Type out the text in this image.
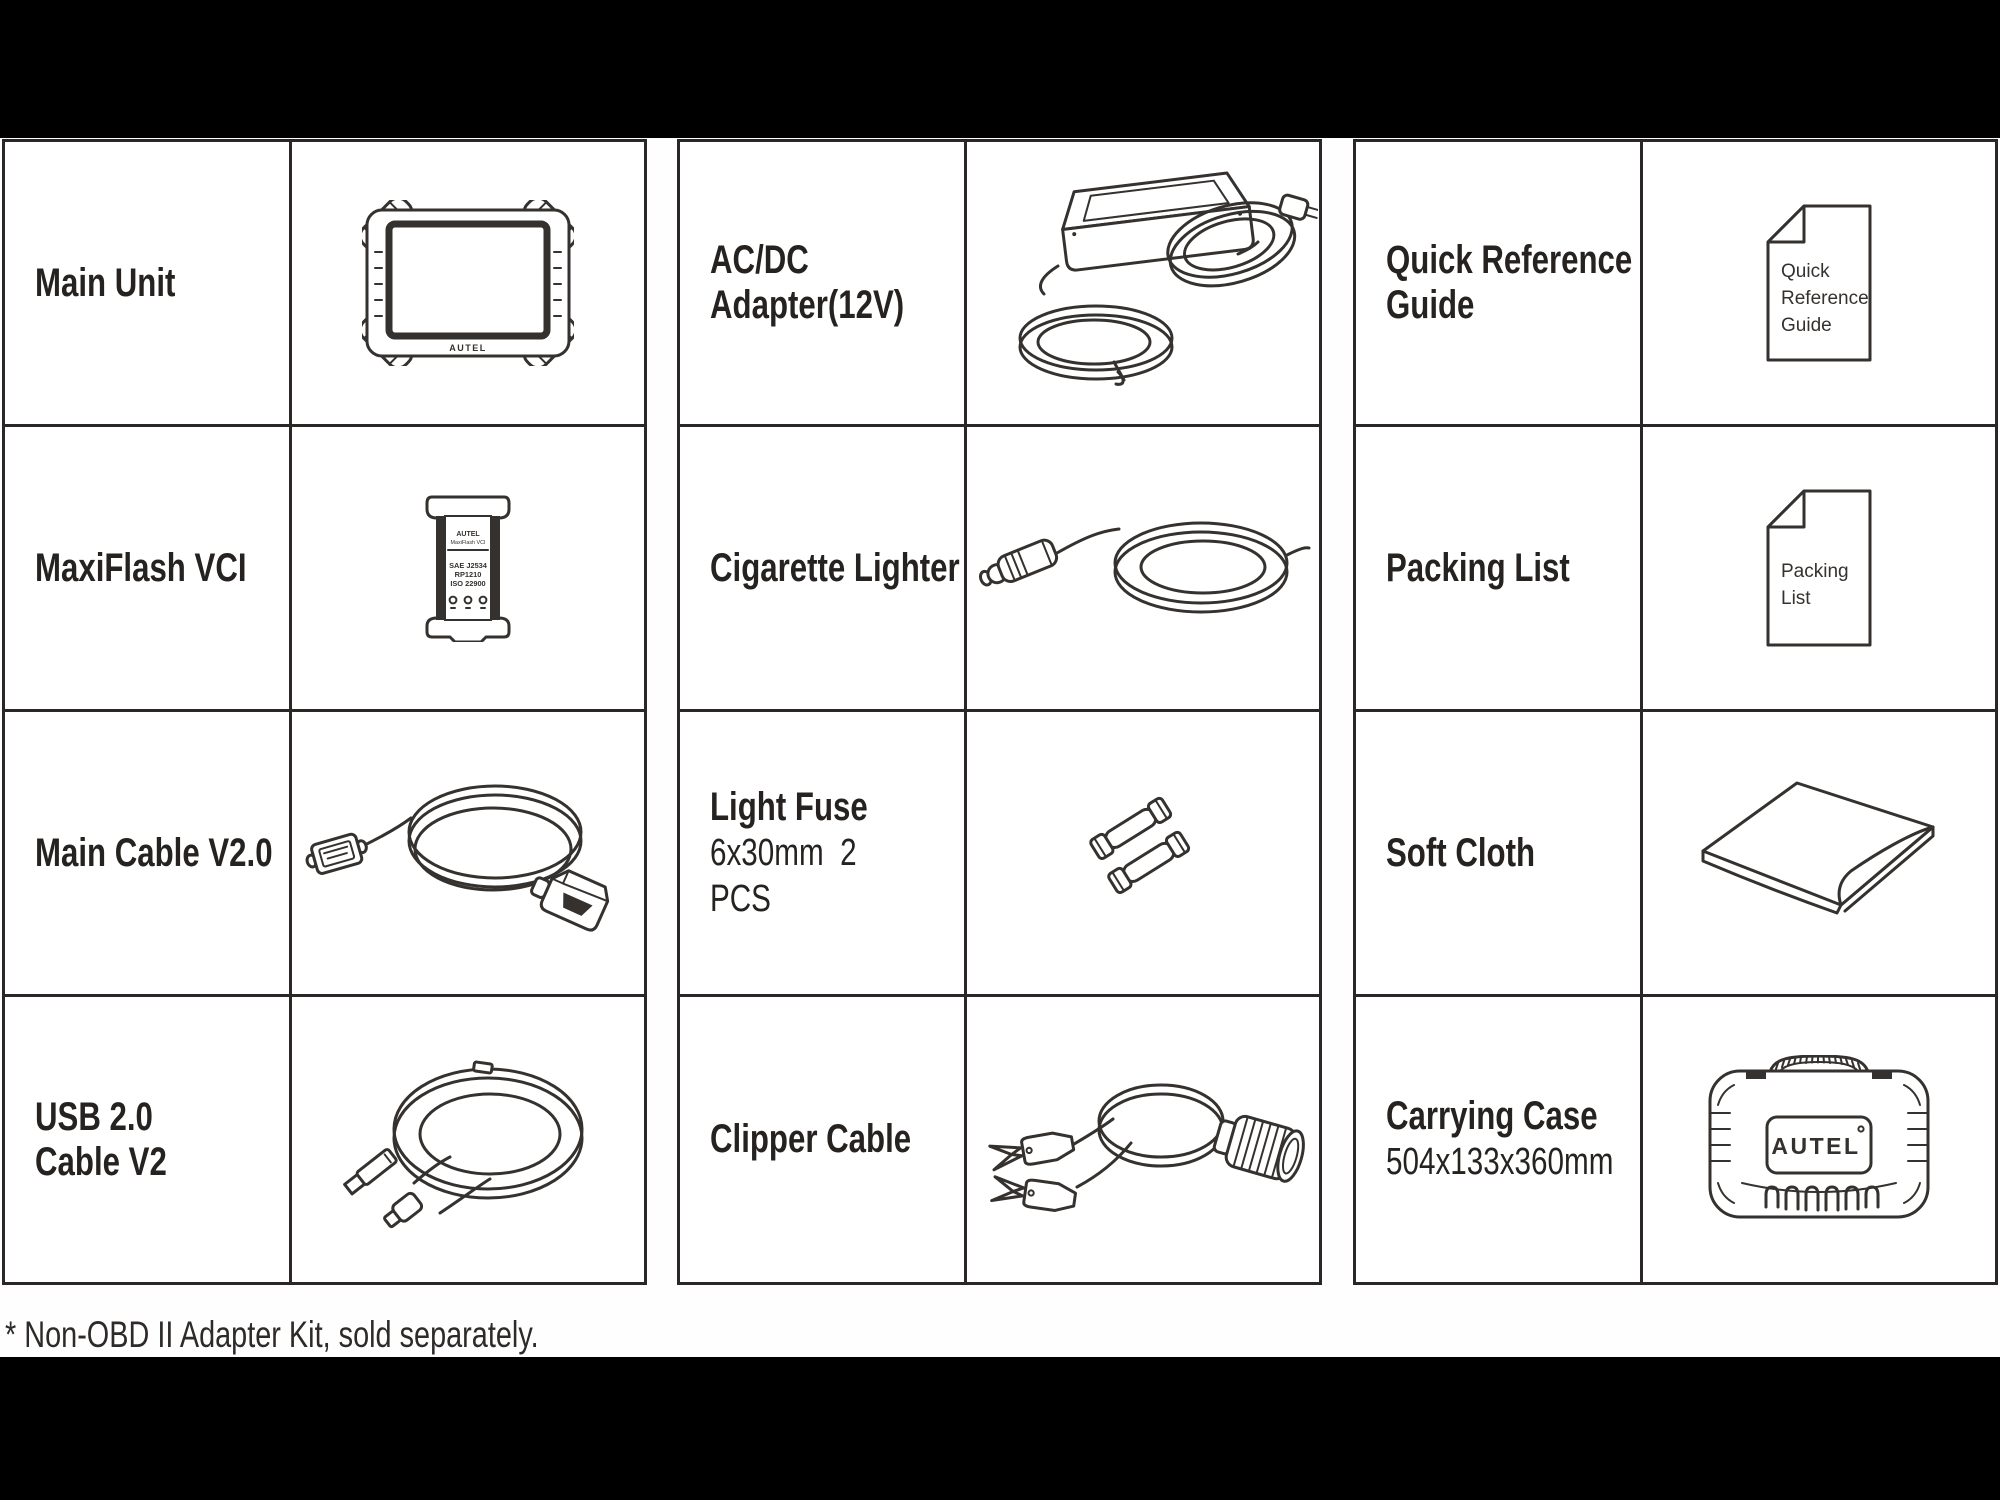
Main Unit
AUTEL
MaxiFlash VCI
AUTEL
MaxiFlash VCI
SAE J2534
RP1210
ISO 22900
Main Cable V2.0
USB 2.0
Cable V2
AC/DC
Adapter(12V)
Cigarette Lighter
Light Fuse
6x30mm  2 PCS
Clipper Cable
Quick Reference
Guide
Quick
Reference
Guide
Packing List	Packing
List
Soft Cloth
Carrying Case
504x133x360mm	AUTEL
* Non-OBD II Adapter Kit, sold separately.
